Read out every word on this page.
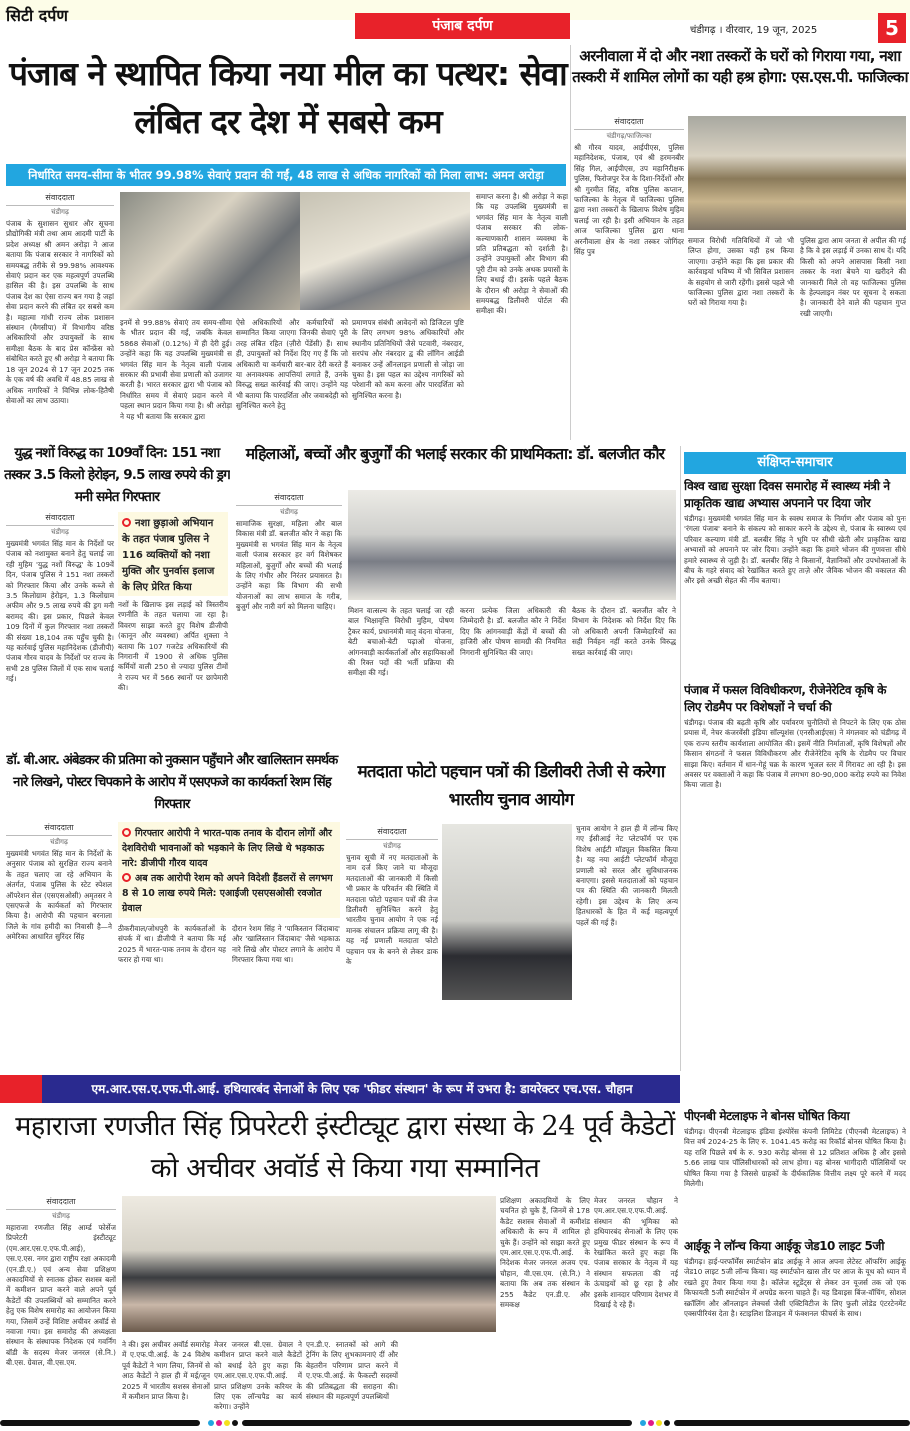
सिटी दर्पण
पंजाब दर्पण	चंडीगढ़ । वीरवार, 19 जून, 2025	5
पंजाब ने स्थापित किया नया मील का पत्थर: सेवा लंबित दर देश में सबसे कम
निर्धारित समय-सीमा के भीतर 99.98% सेवाएं प्रदान की गईं, 48 लाख से अधिक नागरिकों को मिला लाभ: अमन अरोड़ा
संवाददाता
चंडीगढ़
पंजाब के सुशासन सुधार और सूचना प्रौद्योगिकी मंत्री तथा आम आदमी पार्टी के प्रदेश अध्यक्ष श्री अमन अरोड़ा ने आज बताया कि पंजाब सरकार ने नागरिकों को समयबद्ध तरीके से 99.98% आवश्यक सेवाएं प्रदान कर एक महत्वपूर्ण उपलब्धि हासिल की है। इस उपलब्धि के साथ पंजाब देश का ऐसा राज्य बन गया है जहां सेवा प्रदान करने की लंबित दर सबसे कम है। महात्मा गांधी राज्य लोक प्रशासन संस्थान (मैगसीपा) में विभागीय वरिष्ठ अधिकारियों और उपायुक्तों के साथ समीक्षा बैठक के बाद प्रेस कॉन्फ्रेंस को संबोधित करते हुए श्री अरोड़ा ने बताया कि 18 जून 2024 से 17 जून 2025 तक के एक वर्ष की अवधि में 48.85 लाख से अधिक नागरिकों ने विभिन्न लोक-हितैषी सेवाओं का लाभ उठाया।
इनमें से 99.88% सेवाएं तय समय-सीमा के भीतर प्रदान की गईं, जबकि केवल 5868 सेवाओं (0.12%) में ही देरी हुई। उन्होंने कहा कि यह उपलब्धि मुख्यमंत्री स भगवंत सिंह मान के नेतृत्व वाली पंजाब सरकार की प्रभावी सेवा प्रणाली को उजागर करती है। भारत सरकार द्वारा भी पंजाब को निर्धारित समय में सेवाएं प्रदान करने में पहला स्थान प्रदान किया गया है। श्री अरोड़ा ने यह भी बताया कि सरकार द्वारा
ऐसे अधिकारियों और कर्मचारियों को सम्मानित किया जाएगा जिनकी सेवाएं पूरी तरह लंबित रहित (ज़ीरो पेंडेंसी) हैं। साथ ही, उपायुक्तों को निर्देश दिए गए हैं कि जो अधिकारी या कर्मचारी बार-बार देरी करते हैं या अनावश्यक आपत्तियां लगाते हैं, उनके विरुद्ध सख्त कार्रवाई की जाए। उन्होंने यह भी बताया कि पारदर्शिता और जवाबदेही को सुनिश्चित करने हेतु
प्रमाणपत्र संबंधी आवेदनों को डिजिटल पुष्टि के लिए लगभग 98% अधिकारियों और स्थानीय प्रतिनिधियों जैसे पटवारी, नंबरदार, सरपंच और नंबरदार द्व की लॉगिन आईडी बनाकर उन्हें ऑनलाइन प्रणाली से जोड़ा जा चुका है। इस पहल का उद्देश्य नागरिकों को परेशानी को कम करना और पारदर्शिता को सुनिश्चित करना है।
समाप्त करना है। श्री अरोड़ा ने कहा कि यह उपलब्धि मुख्यमंत्री स भगवंत सिंह मान के नेतृत्व वाली पंजाब सरकार की लोक-कल्याणकारी शासन व्यवस्था के प्रति प्रतिबद्धता को दर्शाती है। उन्होंने उपायुक्तों और विभाग की पूरी टीम को उनके अथक प्रयासों के लिए बधाई दी। इसके पहले बैठक के दौरान श्री अरोड़ा ने सेवाओं की समयबद्ध डिलीवरी पोर्टल की समीक्षा की।
अरनीवाला में दो और नशा तस्करों के घरों को गिराया गया, नशा तस्करी में शामिल लोगों का यही हश्र होगा: एस.एस.पी. फाजिल्का
संवाददाता
चंडीगढ़/फाजिल्का
श्री गौरव यादव, आईपीएस, पुलिस महानिदेशक, पंजाब, एवं श्री हरमनबीर सिंह गिल, आईपीएस, उप महानिरीक्षक पुलिस, फिरोजपुर रेंज के दिशा-निर्देशों और श्री गुरमीत सिंह, वरिष्ठ पुलिस कप्तान, फाजिल्का के नेतृत्व में फाजिल्का पुलिस द्वारा नशा तस्करों के खिलाफ विशेष मुहिम चलाई जा रही है। इसी अभियान के तहत आज फाजिल्का पुलिस द्वारा थाना अरनीवाला क्षेत्र के नशा तस्कर जोगिंदर सिंह पुत्र
समाज विरोधी गतिविधियों में जो भी लिप्त होगा, उसका यही हश्र किया जाएगा। उन्होंने कहा कि इस प्रकार की कार्रवाइयां भविष्य में भी सिविल प्रशासन के सहयोग से जारी रहेंगी। इससे पहले भी फाजिल्का पुलिस द्वारा नशा तस्करों के घरों को गिराया गया है।
पुलिस द्वारा आम जनता से अपील की गई है कि वे इस लड़ाई में उनका साथ दें। यदि किसी को अपने आसपास किसी नशा तस्कर के नशा बेचने या खरीदने की जानकारी मिले तो वह फाजिल्का पुलिस के हेल्पलाइन नंबर पर सूचना दे सकता है। जानकारी देने वाले की पहचान गुप्त रखी जाएगी।
युद्ध नशों विरुद्ध का 109वाँ दिन: 151 नशा तस्कर 3.5 किलो हेरोइन, 9.5 लाख रुपये की ड्रग मनी समेत गिरफ्तार
संवाददाता
चंडीगढ़
मुख्यमंत्री भगवंत सिंह मान के निर्देशों पर पंजाब को नशामुक्त बनाने हेतु चलाई जा रही मुहिम 'युद्ध नशों विरुद्ध' के 109वें दिन, पंजाब पुलिस ने 151 नशा तस्करों को गिरफ्तार किया और उनके कब्जे से 3.5 किलोग्राम हेरोइन, 1.3 किलोग्राम अफीम और 9.5 लाख रुपये की ड्रग मनी बरामद की। इस प्रकार, पिछले केवल 109 दिनों में कुल गिरफ्तार नशा तस्करों की संख्या 18,104 तक पहुँच चुकी है। यह कार्रवाई पुलिस महानिदेशक (डीजीपी) पंजाब गौरव यादव के निर्देशों पर राज्य के सभी 28 पुलिस जिलों में एक साथ चलाई गई।
नशा छुड़ाओ अभियान के तहत पंजाब पुलिस ने 116 व्यक्तियों को नशा मुक्ति और पुनर्वास इलाज के लिए प्रेरित किया
नशों के खिलाफ इस लड़ाई को त्रिस्तरीय रणनीति के तहत चलाया जा रहा है। विवरण साझा करते हुए विशेष डीजीपी (कानून और व्यवस्था) अर्पित शुक्ला ने बताया कि 107 गजटेड अधिकारियों की निगरानी में 1900 से अधिक पुलिस कर्मियों वाली 250 से ज्यादा पुलिस टीमों ने राज्य भर में 566 स्थानों पर छापेमारी की।
महिलाओं, बच्चों और बुजुर्गों की भलाई सरकार की प्राथमिकता: डॉ. बलजीत कौर
संवाददाता
चंडीगढ़
सामाजिक सुरक्षा, महिला और बाल विकास मंत्री डॉ. बलजीत कौर ने कहा कि मुख्यमंत्री स भगवंत सिंह मान के नेतृत्व वाली पंजाब सरकार हर वर्ग विशेषकर महिलाओं, बुजुर्गों और बच्चों की भलाई के लिए गंभीर और निरंतर प्रयासरत है। उन्होंने कहा कि विभाग की सभी योजनाओं का लाभ समाज के गरीब, बुजुर्ग और नारी वर्ग को मिलना चाहिए।	मिशन वात्सल्य के तहत चलाई जा रही बाल भिक्षावृत्ति विरोधी मुहिम, पोषण ट्रैकर कार्य, प्रधानमंत्री मातृ वंदना योजना, बेटी बचाओ-बेटी पढ़ाओ योजना, आंगनवाड़ी कार्यकर्ताओं और सहायिकाओं की रिक्त पदों की भर्ती प्रक्रिया की समीक्षा की गई।
करना प्रत्येक जिला अधिकारी की जिम्मेदारी है। डॉ. बलजीत कौर ने निर्देश दिए कि आंगनवाड़ी केंद्रों में बच्चों की हाजिरी और पोषण सामग्री की नियमित निगरानी सुनिश्चित की जाए।
बैठक के दौरान डॉ. बलजीत कौर ने विभाग के निदेशक को निर्देश दिए कि जो अधिकारी अपनी जिम्मेदारियों का सही निर्वहन नहीं करते उनके विरुद्ध सख्त कार्रवाई की जाए।
संक्षिप्त-समाचार
विश्व खाद्य सुरक्षा दिवस समारोह में स्वास्थ्य मंत्री ने प्राकृतिक खाद्य अभ्यास अपनाने पर दिया जोर
चंडीगढ़। मुख्यमंत्री भगवंत सिंह मान के स्वस्थ समाज के निर्माण और पंजाब को पुनः 'रंगला पंजाब' बनाने के संकल्प को साकार करने के उद्देश्य से, पंजाब के स्वास्थ्य एवं परिवार कल्याण मंत्री डॉ. बलबीर सिंह ने भूमि पर सीधी खेती और प्राकृतिक खाद्य अभ्यासों को अपनाने पर जोर दिया। उन्होंने कहा कि हमारे भोजन की गुणवत्ता सीधे हमारे स्वास्थ्य से जुड़ी है। डॉ. बलबीर सिंह ने किसानों, वैज्ञानिकों और उपभोक्ताओं के बीच के गहरे संवाद को रेखांकित करते हुए ताज़े और जैविक भोजन की वकालत की और इसे अच्छी सेहत की नींव बताया।
पंजाब में फसल विविधीकरण, रीजेनेरेटिव कृषि के लिए रोडमैप पर विशेषज्ञों ने चर्चा की
चंडीगढ़। पंजाब की बढ़ती कृषि और पर्यावरण चुनौतियों से निपटने के लिए एक ठोस प्रयास में, नेचर कंजरवेंसी इंडिया सॉल्यूशंस (एनसीआईएस) ने मंगलवार को चंडीगढ़ में एक राज्य स्तरीय कार्यशाला आयोजित की। इसमें नीति निर्माताओं, कृषि विशेषज्ञों और किसान संगठनों ने फसल विविधीकरण और रीजेनेरेटिव कृषि के रोडमैप पर विचार साझा किए। वर्तमान में धान-गेहूं चक्र के कारण भूजल स्तर में गिरावट आ रही है। इस अवसर पर वक्ताओं ने कहा कि पंजाब में लगभग 80-90,000 करोड़ रुपये का निवेश किया जाता है।
पीएनबी मेटलाइफ ने बोनस घोषित किया
चंडीगढ़। पीएनबी मेटलाइफ इंडिया इंश्योरेंस कंपनी लिमिटेड (पीएनबी मेटलाइफ) ने वित्त वर्ष 2024-25 के लिए रु. 1041.45 करोड़ का रिकॉर्ड बोनस घोषित किया है। यह राशि पिछले वर्ष के रु. 930 करोड़ बोनस से 12 प्रतिशत अधिक है और इससे 5.66 लाख पात्र पॉलिसीधारकों को लाभ होगा। यह बोनस भागीदारी पॉलिसियों पर घोषित किया गया है जिससे ग्राहकों के दीर्घकालिक वित्तीय लक्ष्य पूरे करने में मदद मिलेगी।
आईकू ने लॉन्च किया आईकू जेड10 लाइट 5जी
चंडीगढ़। हाई-परफॉर्मेंस स्मार्टफोन ब्रांड आईकू ने आज अपना लेटेस्ट ऑफरिंग आईकू जेड10 लाइट 5जी लॉन्च किया। यह स्मार्टफोन खास तौर पर आज के यूथ को ध्यान में रखते हुए तैयार किया गया है। कॉलेज स्टूडेंट्स से लेकर उन यूजर्स तक जो एक किफायती 5जी स्मार्टफोन में अपग्रेड करना चाहते हैं। यह डिवाइस बिंज-वॉचिंग, सोशल स्क्रॉलिंग और ऑनलाइन लेक्चर्स जैसी एक्टिविटीज के लिए फुली लोडेड एंटरटेनमेंट एक्सपीरियंस देता है। स्टाइलिश डिजाइन में फंक्शनल फीचर्स के साथ।
डॉ. बी.आर. अंबेडकर की प्रतिमा को नुकसान पहुँचाने और खालिस्तान समर्थक नारे लिखने, पोस्टर चिपकाने के आरोप में एसएफजे का कार्यकर्ता रेशम सिंह गिरफ्तार
संवाददाता
चंडीगढ़
मुख्यमंत्री भगवंत सिंह मान के निर्देशों के अनुसार पंजाब को सुरक्षित राज्य बनाने के तहत चलाए जा रहे अभियान के अंतर्गत, पंजाब पुलिस के स्टेट स्पेशल ऑपरेशन सेल (एसएसओसी) अमृतसर ने एसएफजे के कार्यकर्ता को गिरफ्तार किया है। आरोपी की पहचान बरनाला जिले के गांव हमीदी का निवासी है—ने अमेरिका आधारित सुरिंदर सिंह
गिरफ्तार आरोपी ने भारत-पाक तनाव के दौरान लोगों और देशविरोधी भावनाओं को भड़काने के लिए लिखे थे भड़काऊ नारे: डीजीपी गौरव यादव
अब तक आरोपी रेशम को अपने विदेशी हैंडलरों से लगभग 8 से 10 लाख रुपये मिले: एआईजी एसएसओसी रवजोत ग्रेवाल
ठीकरीवाल/जोधपुरी के कार्यकर्ताओं के संपर्क में था। डीजीपी ने बताया कि मई 2025 में भारत-पाक तनाव के दौरान यह फरार हो गया था।
दौरान रेशम सिंह ने 'पाकिस्तान जिंदाबाद' और 'खालिस्तान जिंदाबाद' जैसे भड़काऊ नारे लिखे और पोस्टर लगाने के आरोप में गिरफ्तार किया गया था।
मतदाता फोटो पहचान पत्रों की डिलीवरी तेजी से करेगा भारतीय चुनाव आयोग
संवाददाता
चंडीगढ़
चुनाव सूची में नए मतदाताओं के नाम दर्ज किए जाने या मौजूदा मतदाताओं की जानकारी में किसी भी प्रकार के परिवर्तन की स्थिति में मतदाता फोटो पहचान पत्रों की तेज डिलीवरी सुनिश्चित करने हेतु भारतीय चुनाव आयोग ने एक नई मानक संचालन प्रक्रिया लागू की है। यह नई प्रणाली मतदाता फोटो पहचान पत्र के बनने से लेकर डाक के
चुनाव आयोग ने हाल ही में लॉन्च किए गए ईसीआई नेट प्लेटफॉर्म पर एक विशेष आईटी मॉड्यूल विकसित किया है। यह नया आईटी प्लेटफॉर्म मौजूदा प्रणाली को सरल और सुविधाजनक बनाएगा। इससे मतदाताओं को पहचान पत्र की स्थिति की जानकारी मिलती रहेगी। इस उद्देश्य के लिए अन्य हितधारकों के हित में कई महत्वपूर्ण पहलें की गई हैं।
एम.आर.एस.ए.एफ.पी.आई. हथियारबंद सेनाओं के लिए एक 'फीडर संस्थान' के रूप में उभरा है: डायरेक्टर एच.एस. चौहान
महाराजा रणजीत सिंह प्रिपरेटरी इंस्टीट्यूट द्वारा संस्था के 24 पूर्व कैडेटों को अचीवर अवॉर्ड से किया गया सम्मानित
संवाददाता
चंडीगढ़
महाराजा रणजीत सिंह आर्म्ड फोर्सेज प्रिपरेटरी इंस्टीट्यूट (एम.आर.एस.ए.एफ.पी.आई), एस.ए.एस. नगर द्वारा राष्ट्रीय रक्षा अकादमी (एन.डी.ए.) एवं अन्य सेवा प्रशिक्षण अकादमियों से स्नातक होकर सशस्त्र बलों में कमीशन प्राप्त करने वाले अपने पूर्व कैडेटों की उपलब्धियों को सम्मानित करने हेतु एक विशेष समारोह का आयोजन किया गया, जिसमें उन्हें विशिष्ट अचीवर अवॉर्ड से नवाजा गया। इस समारोह की अध्यक्षता संस्थान के संस्थापक निदेशक एवं गवर्निंग बॉडी के सदस्य मेजर जनरल (से.नि.) बी.एस. ग्रेवाल, वी.एस.एम.
ने की। इस अचीवर अवॉर्ड समारोह में ए.एफ.पी.आई. के 24 विशेष पूर्व कैडेटों ने भाग लिया, जिनमें से आठ कैडेटों ने हाल ही में मई/जून 2025 में भारतीय सशस्त्र सेनाओं में कमीशन प्राप्त किया है।
मेजर जनरल बी.एस. ग्रेवाल ने कमीशन प्राप्त करने वाले कैडेटों को बधाई देते हुए कहा कि एम.आर.एस.ए.एफ.पी.आई. में प्राप्त प्रशिक्षण उनके करियर के लिए एक लॉन्चपैड का कार्य करेगा। उन्होंने
एन.डी.ए. स्नातकों को आगे की ट्रेनिंग के लिए शुभकामनाएं दीं और बेहतरीन परिणाम प्राप्त करने में ए.एफ.पी.आई. के फैकल्टी सदस्यों की प्रतिबद्धता की सराहना की। संस्थान की महत्वपूर्ण उपलब्धियों
प्रशिक्षण अकादमियों के लिए चयनित हो चुके हैं, जिनमें से 178 कैडेट सशस्त्र सेवाओं में कमीशंड अधिकारी के रूप में शामिल हो चुके हैं। उन्होंने को साझा करते हुए एम.आर.एस.ए.एफ.पी.आई. के निदेशक मेजर जनरल अजय एच. चौहान, वी.एस.एम. (से.नि.) ने बताया कि अब तक संस्थान के 255 कैडेट एन.डी.ए. और समकक्ष
मेजर जनरल चौहान ने एम.आर.एस.ए.एफ.पी.आई. संस्थान की भूमिका को हथियारबंद सेनाओं के लिए एक प्रमुख फीडर संस्थान के रूप में रेखांकित करते हुए कहा कि पंजाब सरकार के नेतृत्व में यह संस्थान सफलता की नई ऊंचाइयों को छू रहा है और इसके शानदार परिणाम देशभर में दिखाई दे रहे हैं।
